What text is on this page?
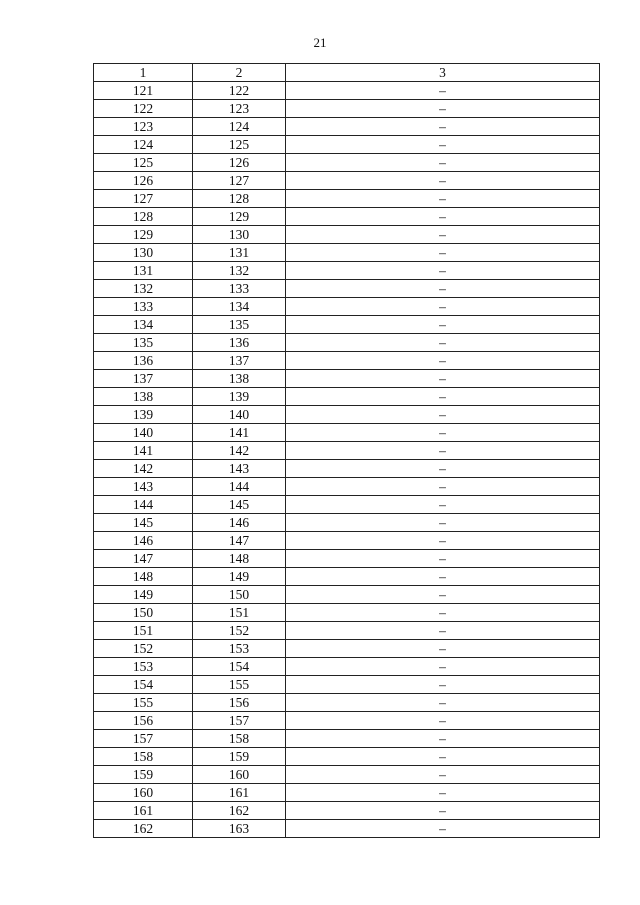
21
1	2	3
121	122	–
122	123	–
123	124	–
124	125	–
125	126	–
126	127	–
127	128	–
128	129	–
129	130	–
130	131	–
131	132	–
132	133	–
133	134	–
134	135	–
135	136	–
136	137	–
137	138	–
138	139	–
139	140	–
140	141	–
141	142	–
142	143	–
143	144	–
144	145	–
145	146	–
146	147	–
147	148	–
148	149	–
149	150	–
150	151	–
151	152	–
152	153	–
153	154	–
154	155	–
155	156	–
156	157	–
157	158	–
158	159	–
159	160	–
160	161	–
161	162	–
162	163	–
